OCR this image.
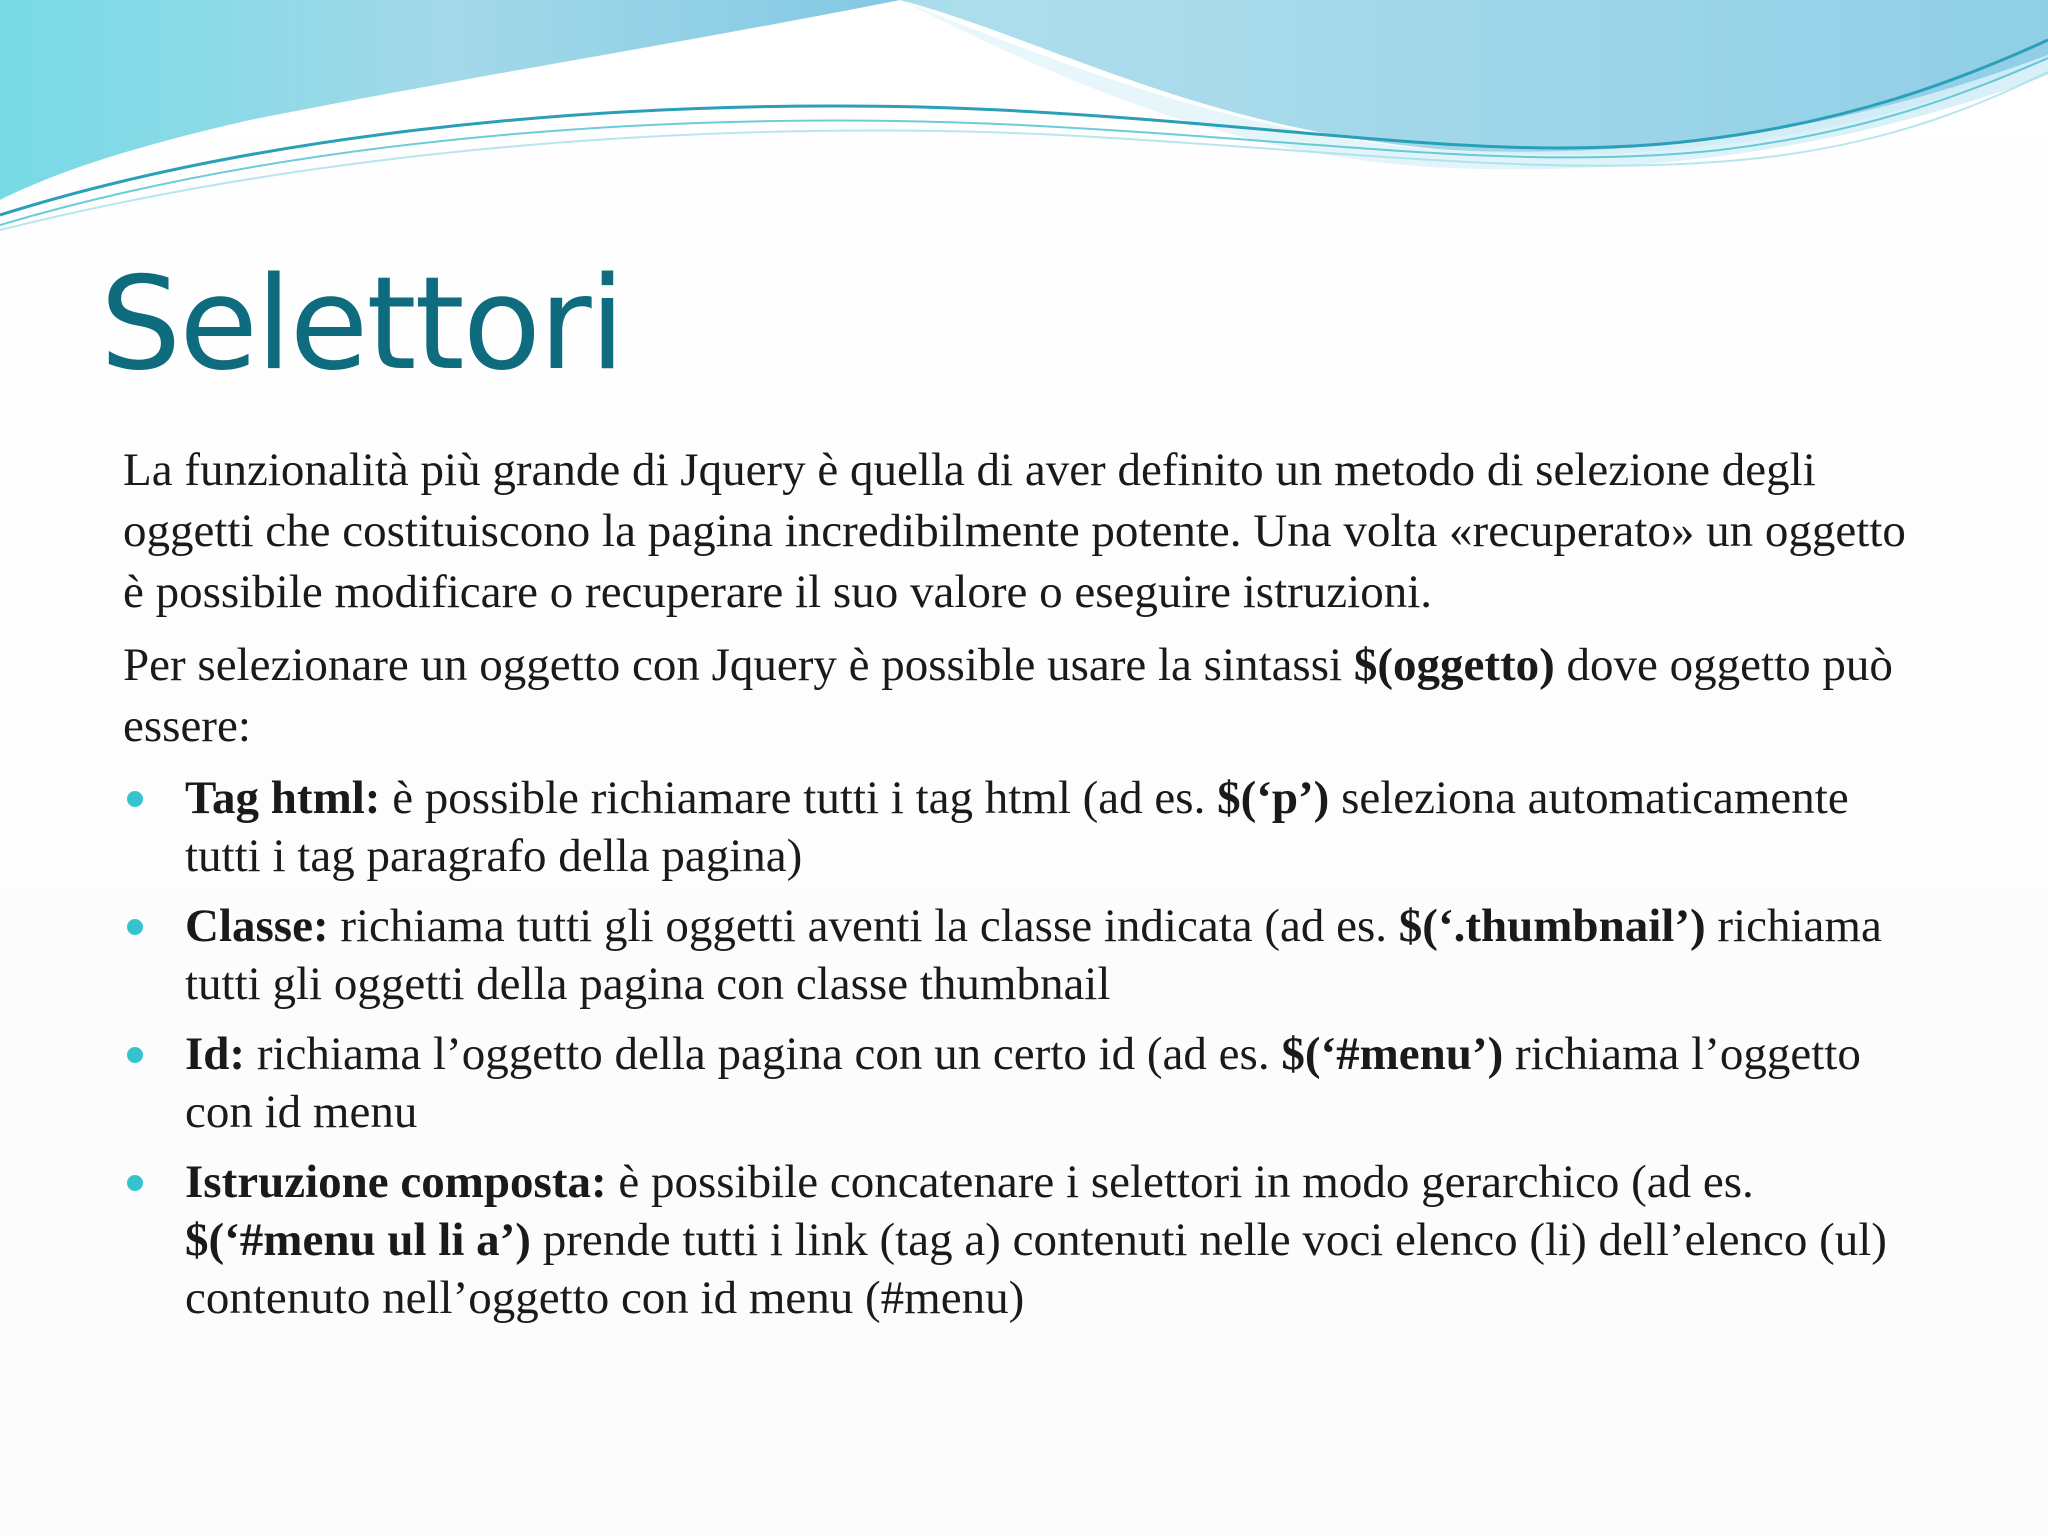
Selettori

La funzionalità più grande di Jquery è quella di aver definito un metodo di selezione degli oggetti che costituiscono la pagina incredibilmente potente. Una volta «recuperato» un oggetto è possibile modificare o recuperare il suo valore o eseguire istruzioni.

Per selezionare un oggetto con Jquery è possible usare la sintassi $(oggetto) dove oggetto può essere:

Tag html: è possible richiamare tutti i tag html (ad es. $(‘p’) seleziona automaticamente tutti i tag paragrafo della pagina)
Classe: richiama tutti gli oggetti aventi la classe indicata (ad es. $(‘.thumbnail’) richiama tutti gli oggetti della pagina con classe thumbnail
Id: richiama l’oggetto della pagina con un certo id (ad es. $(‘#menu’) richiama l’oggetto con id menu
Istruzione composta: è possibile concatenare i selettori in modo gerarchico (ad es. $(‘#menu ul li a’) prende tutti i link (tag a) contenuti nelle voci elenco (li) dell’elenco (ul) contenuto nell’oggetto con id menu (#menu)
